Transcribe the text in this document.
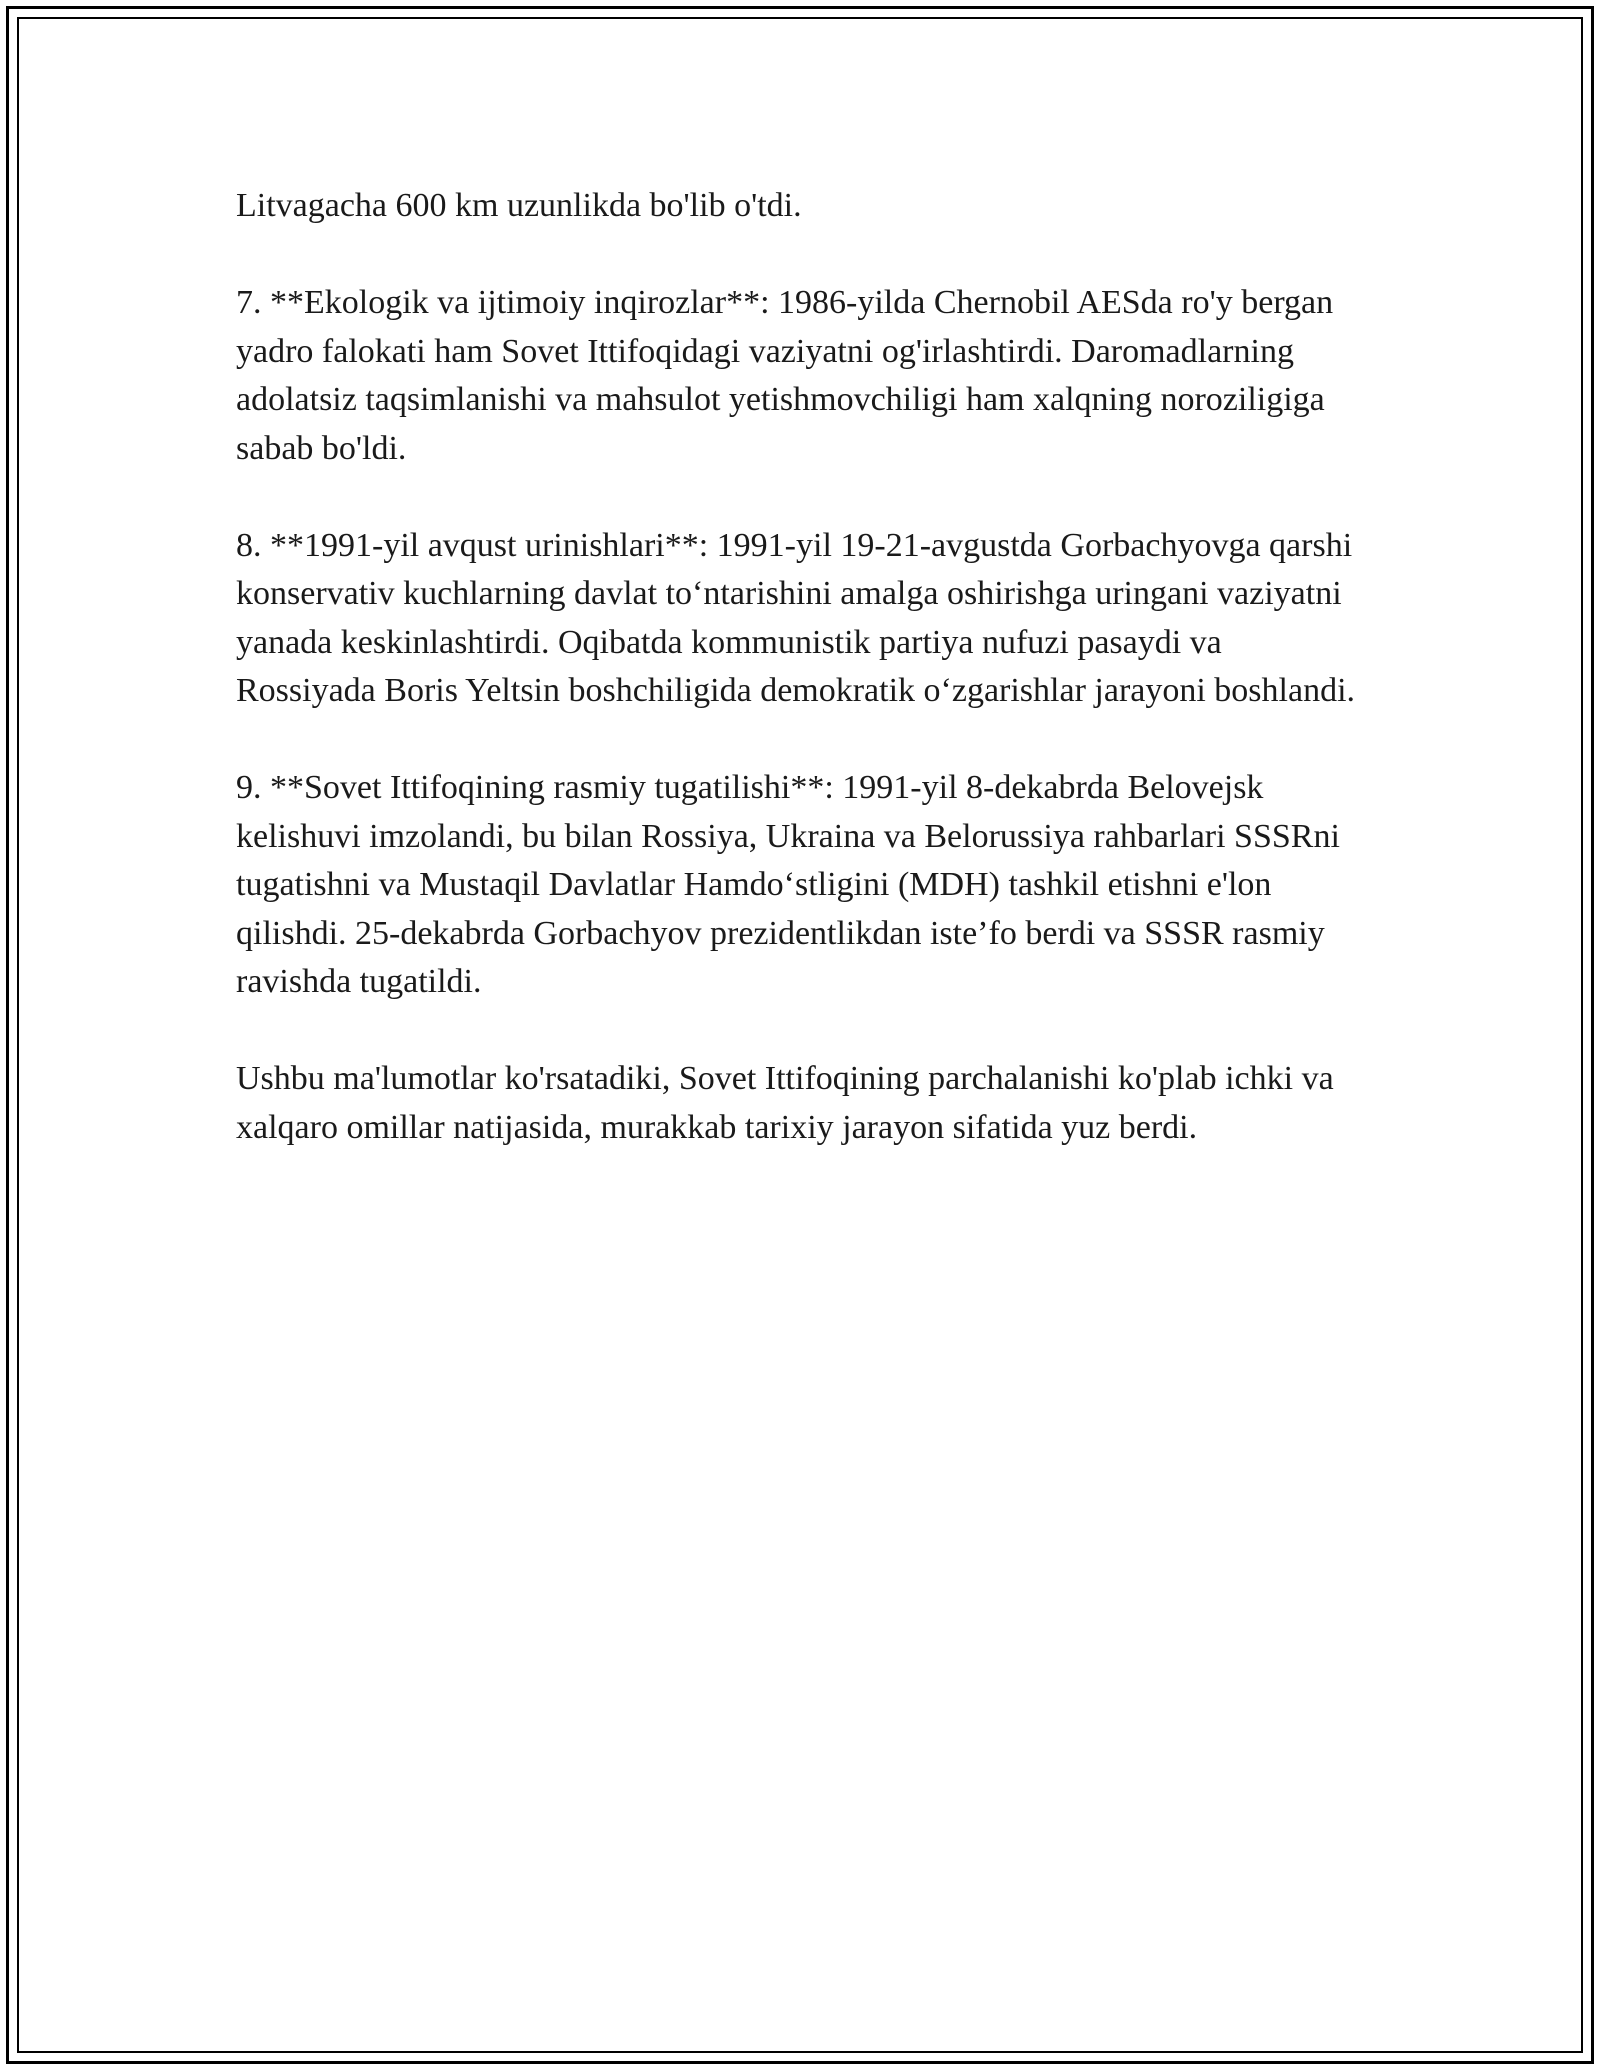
Litvagacha 600 km uzunlikda bo'lib o'tdi.

7. **Ekologik va ijtimoiy inqirozlar**: 1986-yilda Chernobil AESda ro'y bergan yadro falokati ham Sovet Ittifoqidagi vaziyatni og'irlashtirdi. Daromadlarning adolatsiz taqsimlanishi va mahsulot yetishmovchiligi ham xalqning noroziligiga sabab bo'ldi.

8. **1991-yil avqust urinishlari**: 1991-yil 19-21-avgustda Gorbachyovga qarshi konservativ kuchlarning davlat to‘ntarishini amalga oshirishga uringani vaziyatni yanada keskinlashtirdi. Oqibatda kommunistik partiya nufuzi pasaydi va Rossiyada Boris Yeltsin boshchiligida demokratik o‘zgarishlar jarayoni boshlandi.

9. **Sovet Ittifoqining rasmiy tugatilishi**: 1991-yil 8-dekabrda Belovejsk kelishuvi imzolandi, bu bilan Rossiya, Ukraina va Belorussiya rahbarlari SSSRni tugatishni va Mustaqil Davlatlar Hamdo‘stligini (MDH) tashkil etishni e'lon qilishdi. 25-dekabrda Gorbachyov prezidentlikdan iste’fo berdi va SSSR rasmiy ravishda tugatildi.

Ushbu ma'lumotlar ko'rsatadiki, Sovet Ittifoqining parchalanishi ko'plab ichki va xalqaro omillar natijasida, murakkab tarixiy jarayon sifatida yuz berdi.
